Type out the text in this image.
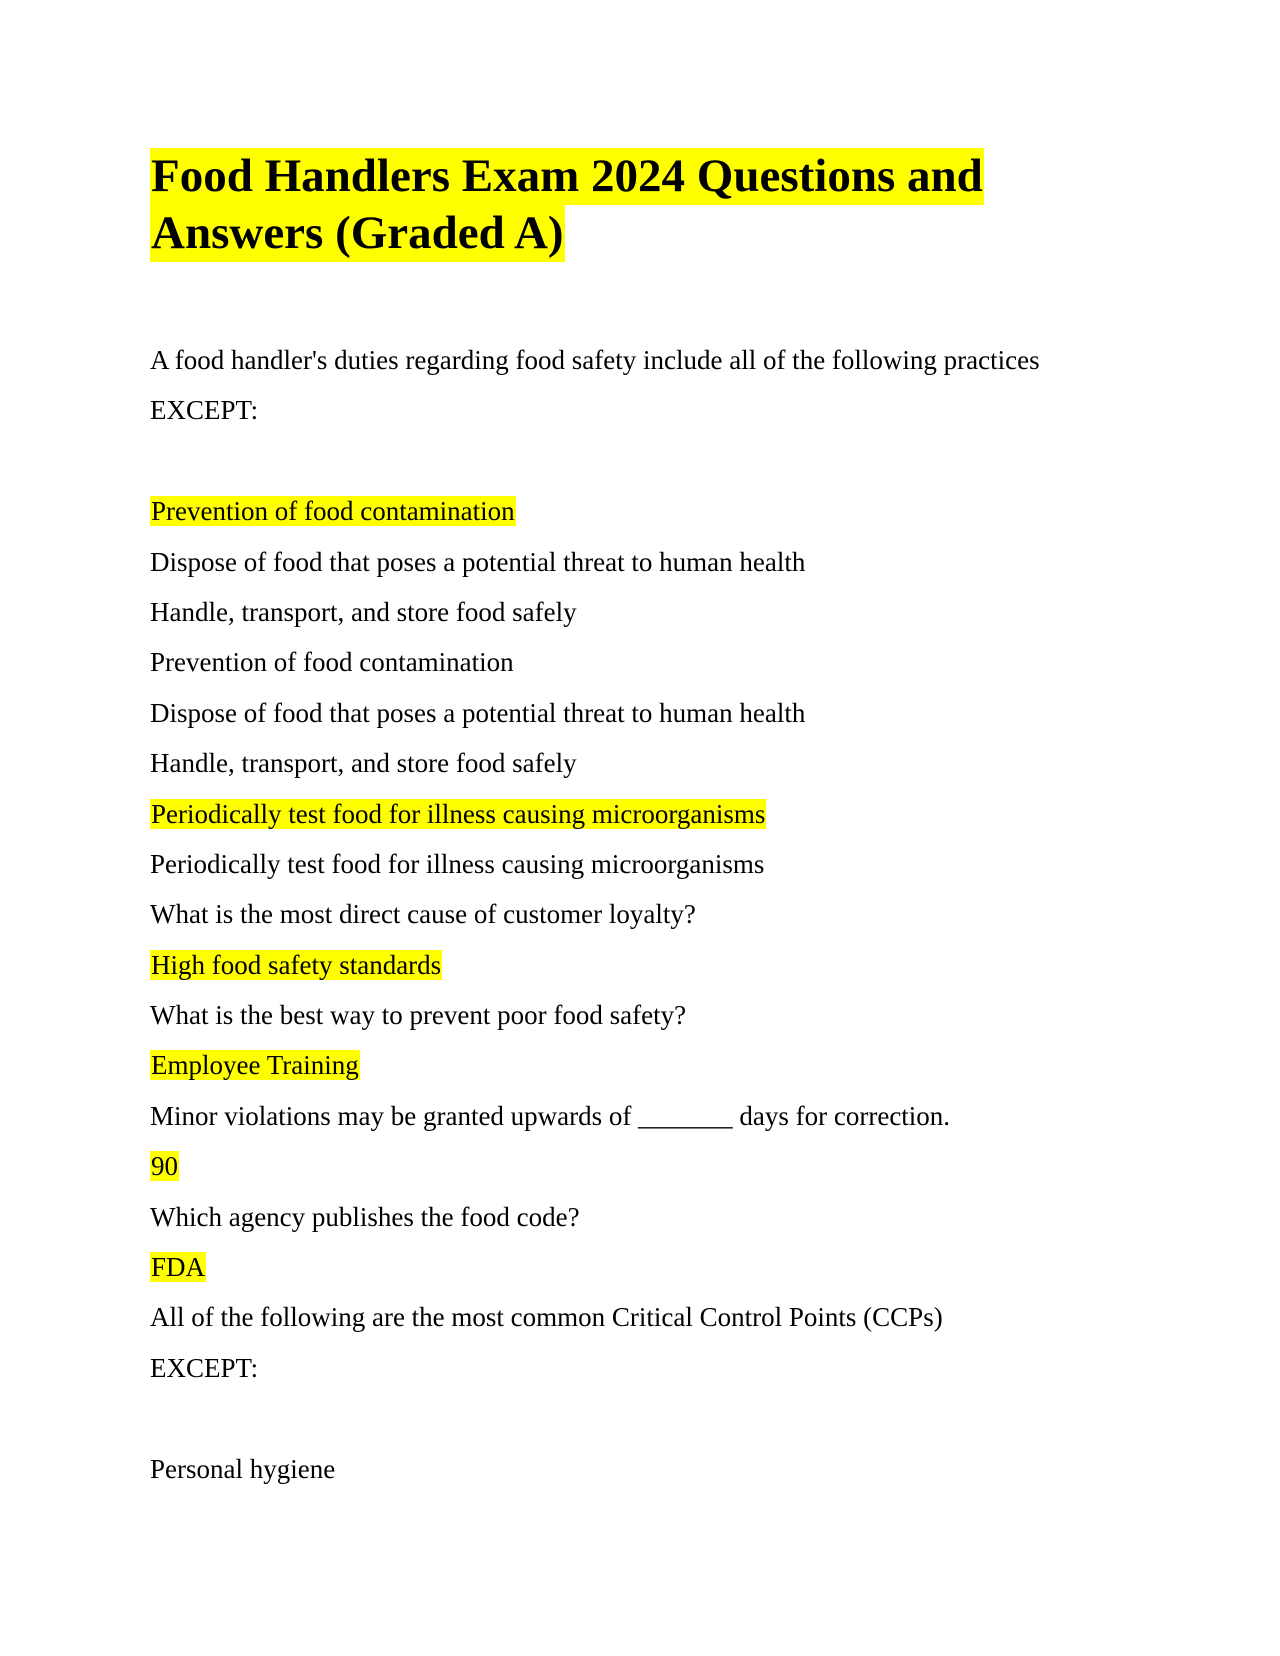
Food Handlers Exam 2024 Questions and
Answers (Graded A)
A food handler's duties regarding food safety include all of the following practices
EXCEPT:
Prevention of food contamination
Dispose of food that poses a potential threat to human health
Handle, transport, and store food safely
Prevention of food contamination
Dispose of food that poses a potential threat to human health
Handle, transport, and store food safely
Periodically test food for illness causing microorganisms
Periodically test food for illness causing microorganisms
What is the most direct cause of customer loyalty?
High food safety standards
What is the best way to prevent poor food safety?
Employee Training
Minor violations may be granted upwards of _______ days for correction.
90
Which agency publishes the food code?
FDA
All of the following are the most common Critical Control Points (CCPs)
EXCEPT:
Personal hygiene
